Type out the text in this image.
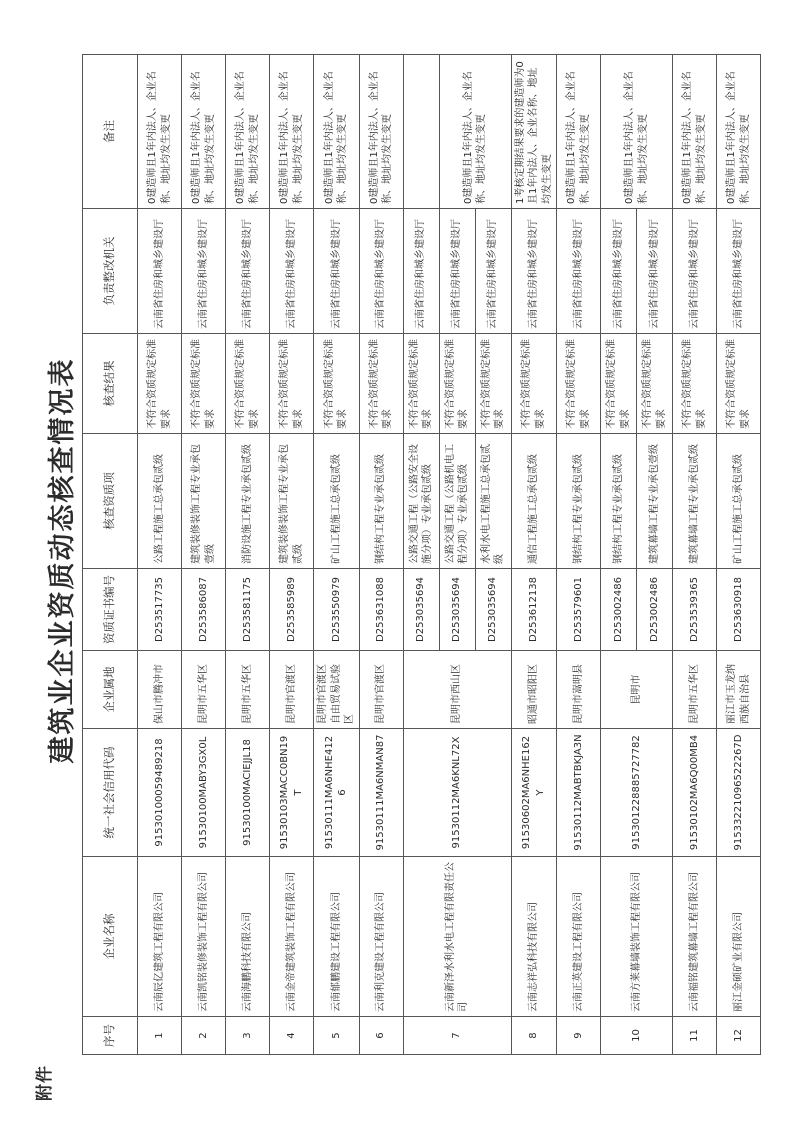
附件
建筑业企业资质动态核查情况表
序号	企业名称	统一社会信用代码	企业属地	资质证书编号	核查资质项	核查结果	负责整改机关	备注
1	云南辰亿建筑工程有限公司	91530100059489218	保山市腾冲市	D253517735	公路工程施工总承包贰级	不符合资质规定标准要求	云南省住房和城乡建设厅	0建造师且1年内法人、企业名称、地址均发生变更
2	云南凯铭装修装饰工程有限公司	91530100MABY3GX0L	昆明市五华区	D253586087	建筑装修装饰工程专业承包壹级	不符合资质规定标准要求	云南省住房和城乡建设厅	0建造师且1年内法人、企业名称、地址均发生变更
3	云南海鹏科技有限公司	91530100MACIEJJL18	昆明市五华区	D253581175	消防设施工程专业承包贰级	不符合资质规定标准要求	云南省住房和城乡建设厅	0建造师且1年内法人、企业名称、地址均发生变更
4	云南金帝建筑装饰工程有限公司	91530103MACC0BN19T	昆明市官渡区	D253585989	建筑装修装饰工程专业承包贰级	不符合资质规定标准要求	云南省住房和城乡建设厅	0建造师且1年内法人、企业名称、地址均发生变更
5	云南郁鹏建设工程有限公司	91530111MA6NHE4126	昆明市官渡区自由贸易试验区	D253550979	矿山工程施工总承包贰级	不符合资质规定标准要求	云南省住房和城乡建设厅	0建造师且1年内法人、企业名称、地址均发生变更
6	云南利克建设工程有限公司	91530111MA6NMAN87	昆明市官渡区	D253631088	钢结构工程专业承包贰级	不符合资质规定标准要求	云南省住房和城乡建设厅	0建造师且1年内法人、企业名称、地址均发生变更
7	云南新泽水利水电工程有限责任公司	91530112MA6KNL72X	昆明市西山区	D253035694	公路交通工程（公路安全设施分项）专业承包贰级	不符合资质规定标准要求	云南省住房和城乡建设厅	
				D253035694	公路交通工程（公路机电工程分项）专业承包贰级	不符合资质规定标准要求	云南省住房和城乡建设厅	0建造师且1年内法人、企业名称、地址均发生变更
				D253035694	水利水电工程施工总承包贰级	不符合资质规定标准要求	云南省住房和城乡建设厅	
8	云南志祥弘科技有限公司	91530602MA6NHE162Y	昭通市昭阳区	D253612138	通信工程施工总承包贰级	不符合资质规定标准要求	云南省住房和城乡建设厅	1考核定期结果要求的建造师为0且1年内法人、企业名称、地址均发生变更
9	云南正英建设工程有限公司	91530112MABTBKJA3N	昆明市嵩明县	D253579601	钢结构工程专业承包贰级	不符合资质规定标准要求	云南省住房和城乡建设厅	0建造师且1年内法人、企业名称、地址均发生变更
10	云南方莱幕墙装饰工程有限公司	915301228885727782	昆明市	D253002486	钢结构工程专业承包贰级	不符合资质规定标准要求	云南省住房和城乡建设厅	0建造师且1年内法人、企业名称、地址均发生变更
				D253002486	建筑幕墙工程专业承包壹级	不符合资质规定标准要求	云南省住房和城乡建设厅	
11	云南福铭建筑幕墙工程有限公司	91530102MA6Q00MB4	昆明市五华区	D253539365	建筑幕墙工程专业承包贰级	不符合资质规定标准要求	云南省住房和城乡建设厅	0建造师且1年内法人、企业名称、地址均发生变更
12	丽江金硕矿业有限公司	91533221096522267D	丽江市玉龙纳西族自治县	D253630918	矿山工程施工总承包贰级	不符合资质规定标准要求	云南省住房和城乡建设厅	0建造师且1年内法人、企业名称、地址均发生变更
